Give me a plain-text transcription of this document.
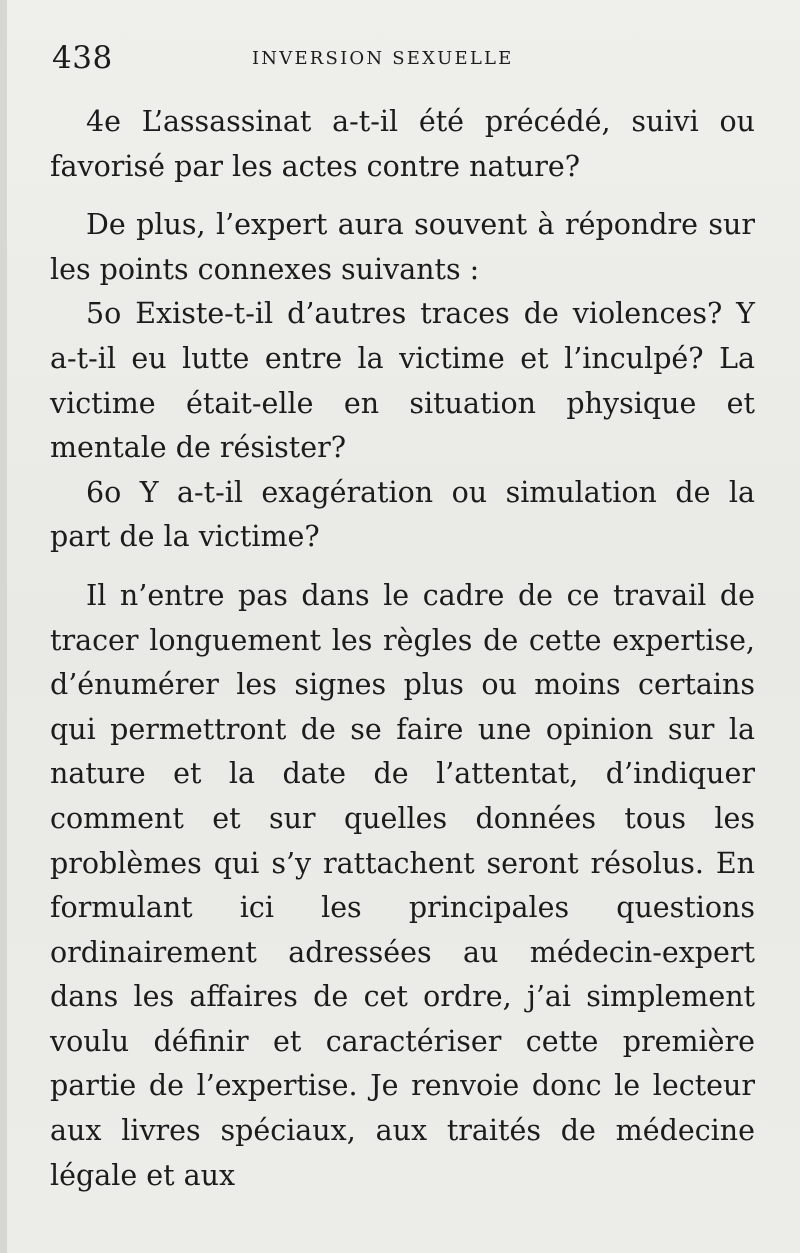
438	INVERSION SEXUELLE

4e L’assassinat a-t-il été précédé, suivi ou favorisé par les actes contre nature?

De plus, l’expert aura souvent à répondre sur les points connexes suivants :

5o Existe-t-il d’autres traces de violences? Y a-t-il eu lutte entre la victime et l’inculpé? La victime était-elle en situation physique et mentale de résister?

6o Y a-t-il exagération ou simulation de la part de la victime?

Il n’entre pas dans le cadre de ce travail de tracer longuement les règles de cette expertise, d’énumérer les signes plus ou moins certains qui permettront de se faire une opinion sur la nature et la date de l’attentat, d’indiquer comment et sur quelles données tous les problèmes qui s’y rattachent seront résolus. En formulant ici les principales questions ordinairement adressées au médecin-expert dans les affaires de cet ordre, j’ai simplement voulu définir et caractériser cette première partie de l’expertise. Je renvoie donc le lecteur aux livres spéciaux, aux traités de médecine légale et aux
